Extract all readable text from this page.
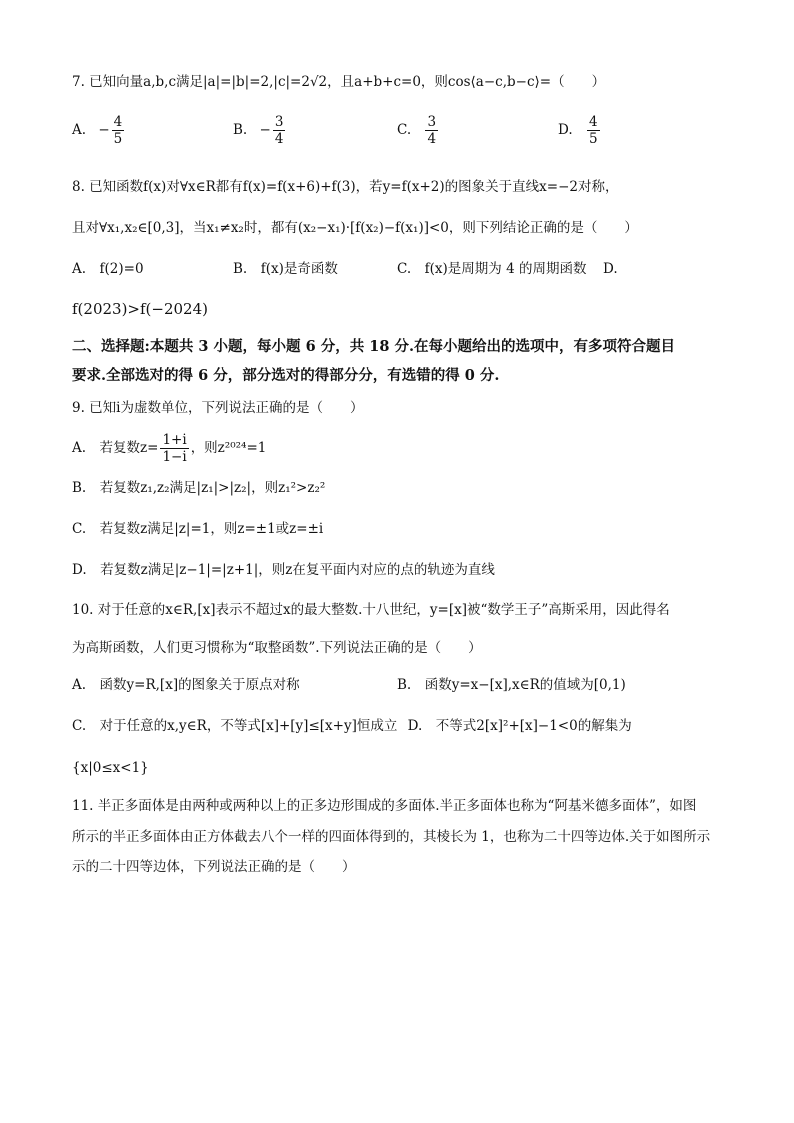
7. 已知向量a,b,c满足|a|=|b|=2,|c|=2√2，且a+b+c=0，则cos⟨a−c,b−c⟩=（　　）
A. − $\frac{4}{5}$	B. − $\frac{3}{4}$	C. $\frac{3}{4}$	D. $\frac{4}{5}$
8. 已知函数f(x)对∀x∈R都有f(x)=f(x+6)+f(3)，若y=f(x+2)的图象关于直线x=−2对称，
且对∀x₁,x₂∈[0,3]，当x₁≠x₂时，都有(x₂−x₁)·[f(x₂)−f(x₁)]<0，则下列结论正确的是（　　）
A.　f(2)=0	B.　f(x)是奇函数	C.　f(x)是周期为 4 的周期函数 D.
f(2023)>f(−2024)
二、选择题:本题共 3 小题，每小题 6 分，共 18 分.在每小题给出的选项中，有多项符合题目
要求.全部选对的得 6 分，部分选对的得部分分，有选错的得 0 分.
9. 已知i为虚数单位，下列说法正确的是（　　）
A.　若复数$z= \frac{1+i}{1-i}$ ，则z²⁰²⁴=1
B.　若复数z₁,z₂满足|z₁|>|z₂|，则z₁²>z₂²
C.　若复数z满足|z|=1，则z=±1或z=±i
D.　若复数z满足|z−1|=|z+1|，则z在复平面内对应的点的轨迹为直线
10. 对于任意的x∈R,[x]表示不超过x的最大整数.十八世纪，y=[x]被“数学王子”高斯采用，因此得名
为高斯函数，人们更习惯称为“取整函数”.下列说法正确的是（　　）
A.　函数y=R,[x]的图象关于原点对称	B.　函数y=x−[x],x∈R的值域为[0,1)
C.　对于任意的x,y∈R，不等式[x]+[y]≤[x+y]恒成立 D.　不等式2[x]²+[x]−1<0的解集为
{x|0≤x<1}
11. 半正多面体是由两种或两种以上的正多边形围成的多面体.半正多面体也称为“阿基米德多面体”，如图
所示的半正多面体由正方体截去八个一样的四面体得到的，其棱长为 1，也称为二十四等边体.关于如图所示
示的二十四等边体，下列说法正确的是（　　）
